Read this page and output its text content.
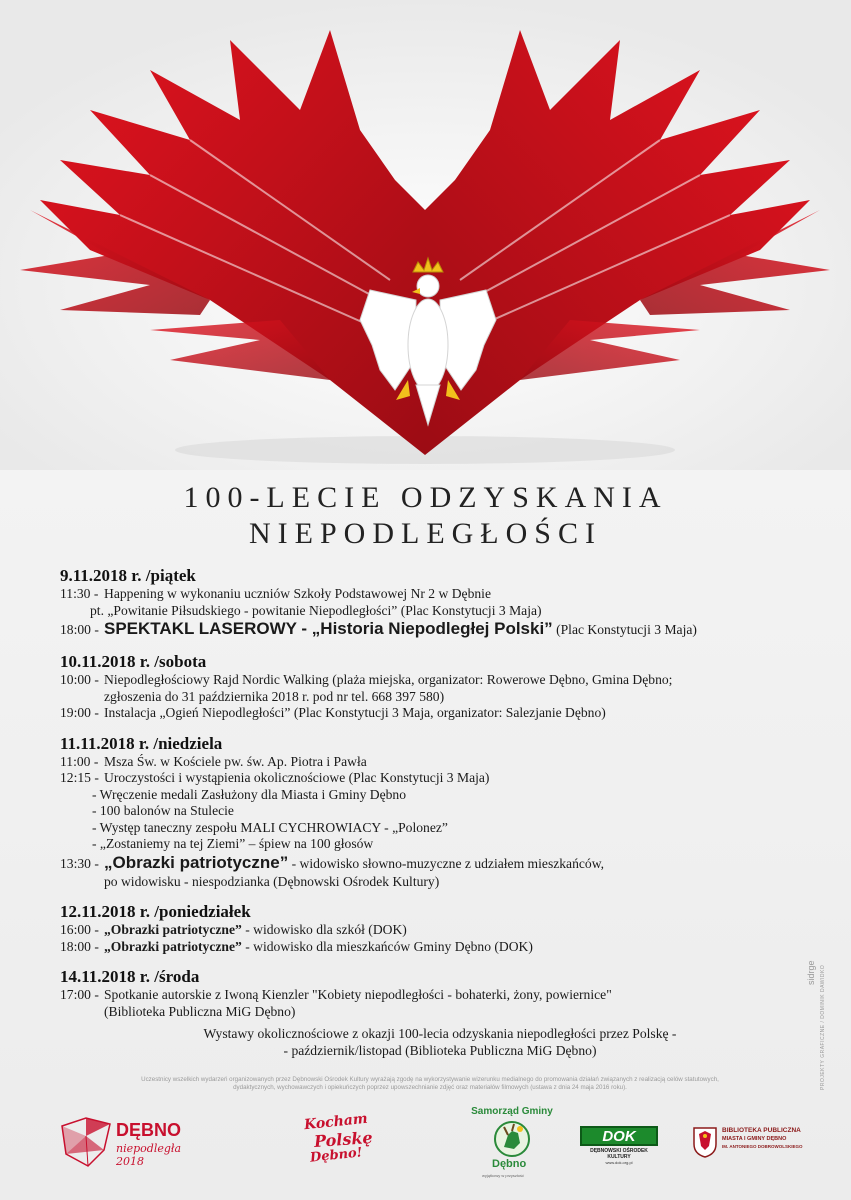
100-LECIE ODZYSKANIA
NIEPODLEGŁOŚCI
9.11.2018 r. /piątek
11:30 - Happening w wykonaniu uczniów Szkoły Podstawowej Nr 2 w Dębnie
pt. „Powitanie Piłsudskiego - powitanie Niepodległości” (Plac Konstytucji 3 Maja)
18:00 - SPEKTAKL LASEROWY - „Historia Niepodległej Polski” (Plac Konstytucji 3 Maja)
10.11.2018 r. /sobota
10:00 - Niepodległościowy Rajd Nordic Walking (plaża miejska, organizator: Rowerowe Dębno, Gmina Dębno;
zgłoszenia do 31 października 2018 r. pod nr tel. 668 397 580)
19:00 - Instalacja „Ogień Niepodległości” (Plac Konstytucji 3 Maja, organizator: Salezjanie Dębno)
11.11.2018 r. /niedziela
11:00 - Msza Św. w Kościele pw. św. Ap. Piotra i Pawła
12:15 - Uroczystości i wystąpienia okolicznościowe (Plac Konstytucji 3 Maja)
- Wręczenie medali Zasłużony dla Miasta i Gminy Dębno
- 100 balonów na Stulecie
- Występ taneczny zespołu MALI CYCHROWIACY - „Polonez”
- „Zostaniemy na tej Ziemi” – śpiew na 100 głosów
13:30 - „Obrazki patriotyczne” - widowisko słowno-muzyczne z udziałem mieszkańców,
po widowisku - niespodzianka (Dębnowski Ośrodek Kultury)
12.11.2018 r. /poniedziałek
16:00 - „Obrazki patriotyczne” - widowisko dla szkół (DOK)
18:00 - „Obrazki patriotyczne” - widowisko dla mieszkańców Gminy Dębno (DOK)
14.11.2018 r. /środa
17:00 - Spotkanie autorskie z Iwoną Kienzler "Kobiety niepodległości - bohaterki, żony, powiernice"
(Biblioteka Publiczna MiG Dębno)
Wystawy okolicznościowe z okazji 100-lecia odzyskania niepodległości przez Polskę -
- październik/listopad (Biblioteka Publiczna MiG Dębno)
Uczestnicy wszelkich wydarzeń organizowanych przez Dębnowski Ośrodek Kultury wyrażają zgodę na wykorzystywanie wizerunku medialnego do promowania działań związanych z realizacją celów statutowych, dydaktycznych, wychowawczych i opiekuńczych poprzez upowszechnianie zdjęć oraz materiałów filmowych (ustawa z dnia 24 maja 2016 roku).	PROJEKTY GRAFICZNE / DOMINIK DAWIDKO
sidrge
DĘBNO
niepodległa 2018
Kocham
Polskę
Dębno!
Samorząd Gminy
Dębno
wyjątkowy w przyszłość
DOK
DĘBNOWSKI OŚRODEK KULTURY
www.dok.org.pl
BIBLIOTEKA PUBLICZNA
MIASTA I GMINY DĘBNO
IM. ANTONIEGO DOBROWOLSKIEGO
